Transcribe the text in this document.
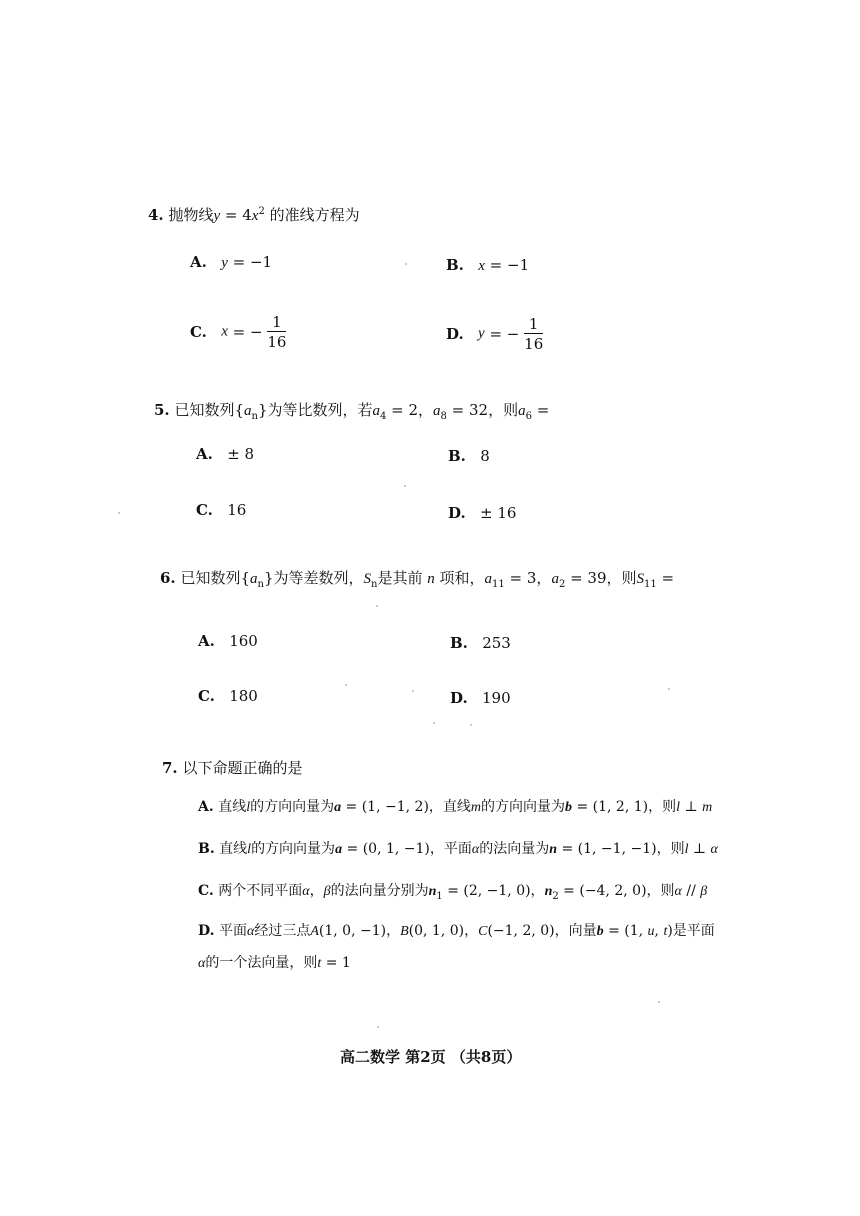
4. 抛物线$y = 4x^2$ 的准线方程为
A. y = −1	B. x = −1
C. x = − $\frac{1}{16}$	D. y = − $\frac{1}{16}$
5. 已知数列$\{a_n\}$为等比数列，若$a_4 = 2$，$a_8 = 32$，则$a_6$ =
A. ± 8	B. 8
C. 16	D. ± 16
6. 已知数列$\{a_n\}$为等差数列，$S_n$是其前 n 项和，$a_{11} = 3$，$a_2 = 39$，则$S_{11}$ =
A. 160	B. 253
C. 180	D. 190
7. 以下命题正确的是
A. 直线l的方向向量为a = (1, −1, 2)，直线m的方向向量为b = (1, 2, 1)，则l ⊥ m
B. 直线l的方向向量为a = (0, 1, −1)，平面α的法向量为n = (1, −1, −1)，则l ⊥ α
C. 两个不同平面α，β的法向量分别为$n_1 = (2$, −1, 0)，$n_2 = (-4$, 2, 0)，则α // β
D. 平面α经过三点A(1, 0, −1)，B(0, 1, 0)，C(−1, 2, 0)，向量b = (1, u, t)是平面
α的一个法向量，则t = 1
高二数学 第2页 （共8页）
